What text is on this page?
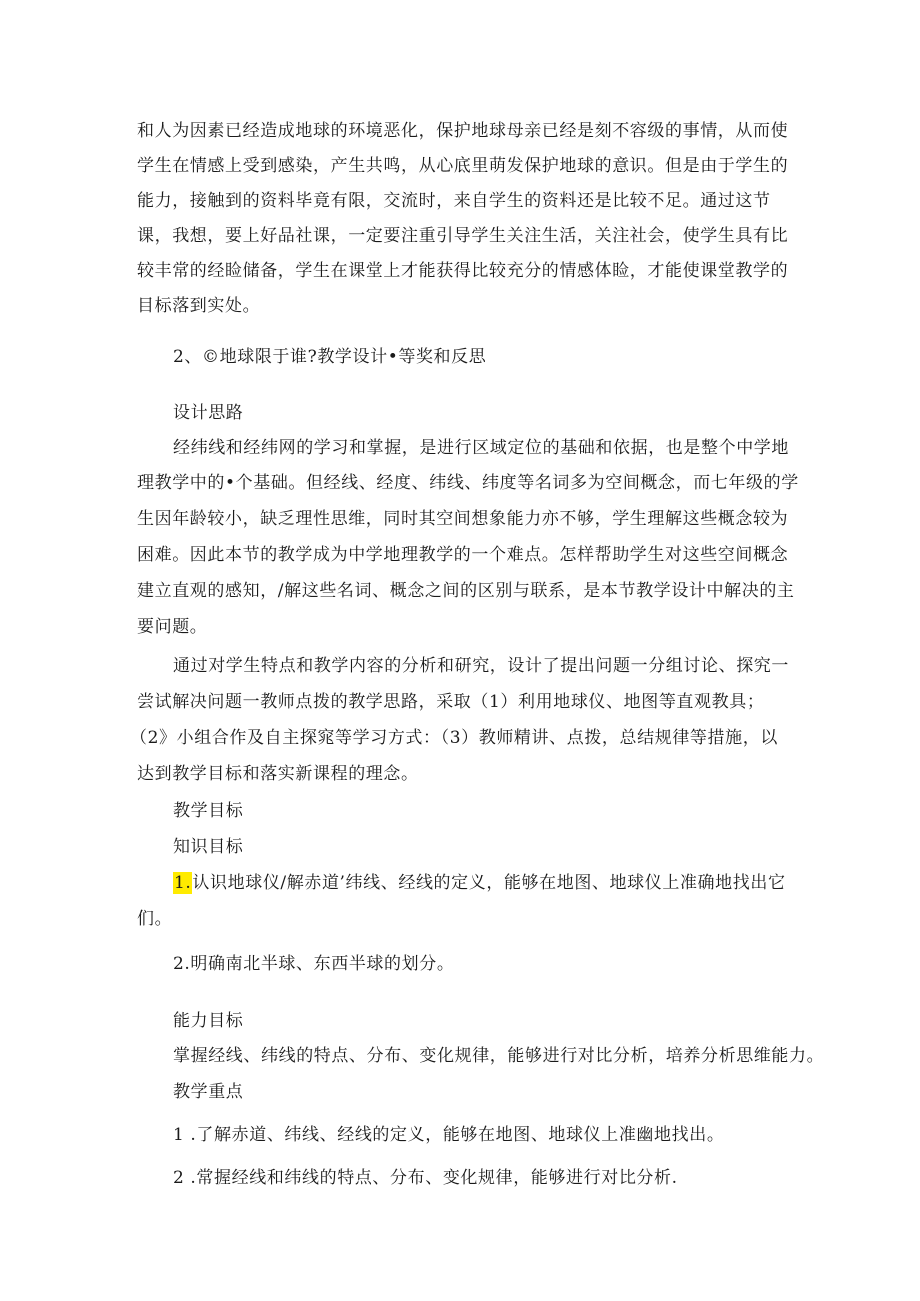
和人为因素已经造成地球的环境恶化，保护地球母亲已经是刻不容级的事情，从而使
学生在情感上受到感染，产生共鸣，从心底里萌发保护地球的意识。但是由于学生的
能力，接触到的资料毕竟有限，交流时，来自学生的资料还是比较不足。通过这节
课，我想，要上好品社课，一定要注重引导学生关注生活，关注社会，使学生具有比
较丰常的经睑储备，学生在课堂上才能获得比较充分的情感体睑，才能使课堂教学的
目标落到实处。
2、©地球限于谁?教学设计•等奖和反思
设计思路
经纬线和经纬网的学习和掌握，是进行区域定位的基础和依据，也是整个中学地
理教学中的•个基础。但经线、经度、纬线、纬度等名词多为空间概念，而七年级的学
生因年龄较小，缺乏理性思维，同时其空间想象能力亦不够，学生理解这些概念较为
困难。因此本节的教学成为中学地理教学的一个难点。怎样帮助学生对这些空间概念
建立直观的感知，/解这些名词、概念之间的区别与联系，是本节教学设计中解决的主
要问题。
通过对学生特点和教学内容的分析和研究，设计了提出问题一分组讨论、探究一
尝试解决问题一教师点拨的教学思路，采取（1）利用地球仪、地图等直观教具；
（2》小组合作及自主探窕等学习方式：（3）教师精讲、点拨，总结规律等措施，以
达到教学目标和落实新课程的理念。
教学目标
知识目标
1.认识地球仪/解赤道’纬线、经线的定义，能够在地图、地球仪上准确地找出它
们。
2.明确南北半球、东西半球的划分。
能力目标
掌握经线、纬线的特点、分布、变化规律，能够进行对比分析，培养分析思维能力。
教学重点
1 .了解赤道、纬线、经线的定义，能够在地图、地球仪上准幽地找出。
2 .常握经线和纬线的特点、分布、变化规律，能够进行对比分析.
